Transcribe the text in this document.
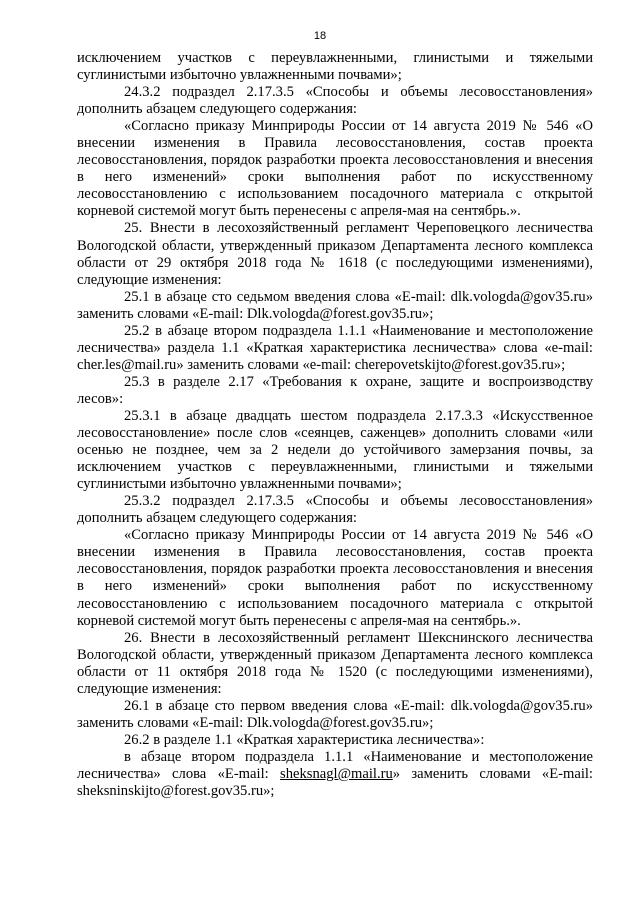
18

исключением участков с переувлажненными, глинистыми и тяжелыми суглинистыми избыточно увлажненными почвами»;

24.3.2 подраздел 2.17.3.5 «Способы и объемы лесовосстановления» дополнить абзацем следующего содержания:

«Согласно приказу Минприроды России от 14 августа 2019 № 546 «О внесении изменения в Правила лесовосстановления, состав проекта лесовосстановления, порядок разработки проекта лесовосстановления и внесения в него изменений» сроки выполнения работ по искусственному лесовосстановлению с использованием посадочного материала с открытой корневой системой могут быть перенесены с апреля-мая на сентябрь.».

25. Внести в лесохозяйственный регламент Череповецкого лесничества Вологодской области, утвержденный приказом Департамента лесного комплекса области от 29 октября 2018 года № 1618 (с последующими изменениями), следующие изменения:

25.1 в абзаце сто седьмом введения слова «E-mail: dlk.vologda@gov35.ru» заменить словами «E-mail: Dlk.vologda@forest.gov35.ru»;

25.2 в абзаце втором подраздела 1.1.1 «Наименование и местоположение лесничества» раздела 1.1 «Краткая характеристика лесничества» слова «e-mail: cher.les@mail.ru» заменить словами «e-mail: cherepovetskijto@forest.gov35.ru»;

25.3 в разделе 2.17 «Требования к охране, защите и воспроизводству лесов»:

25.3.1 в абзаце двадцать шестом подраздела 2.17.3.3 «Искусственное лесовосстановление» после слов «сеянцев, саженцев» дополнить словами «или осенью не позднее, чем за 2 недели до устойчивого замерзания почвы, за исключением участков с переувлажненными, глинистыми и тяжелыми суглинистыми избыточно увлажненными почвами»;

25.3.2 подраздел 2.17.3.5 «Способы и объемы лесовосстановления» дополнить абзацем следующего содержания:

«Согласно приказу Минприроды России от 14 августа 2019 № 546 «О внесении изменения в Правила лесовосстановления, состав проекта лесовосстановления, порядок разработки проекта лесовосстановления и внесения в него изменений» сроки выполнения работ по искусственному лесовосстановлению с использованием посадочного материала с открытой корневой системой могут быть перенесены с апреля-мая на сентябрь.».

26. Внести в лесохозяйственный регламент Шекснинского лесничества Вологодской области, утвержденный приказом Департамента лесного комплекса области от 11 октября 2018 года № 1520 (с последующими изменениями), следующие изменения:

26.1 в абзаце сто первом введения слова «E-mail: dlk.vologda@gov35.ru» заменить словами «E-mail: Dlk.vologda@forest.gov35.ru»;

26.2 в разделе 1.1 «Краткая характеристика лесничества»:

в абзаце втором подраздела 1.1.1 «Наименование и местоположение лесничества» слова «E-mail: sheksnagl@mail.ru» заменить словами «E-mail: sheksninskijto@forest.gov35.ru»;
